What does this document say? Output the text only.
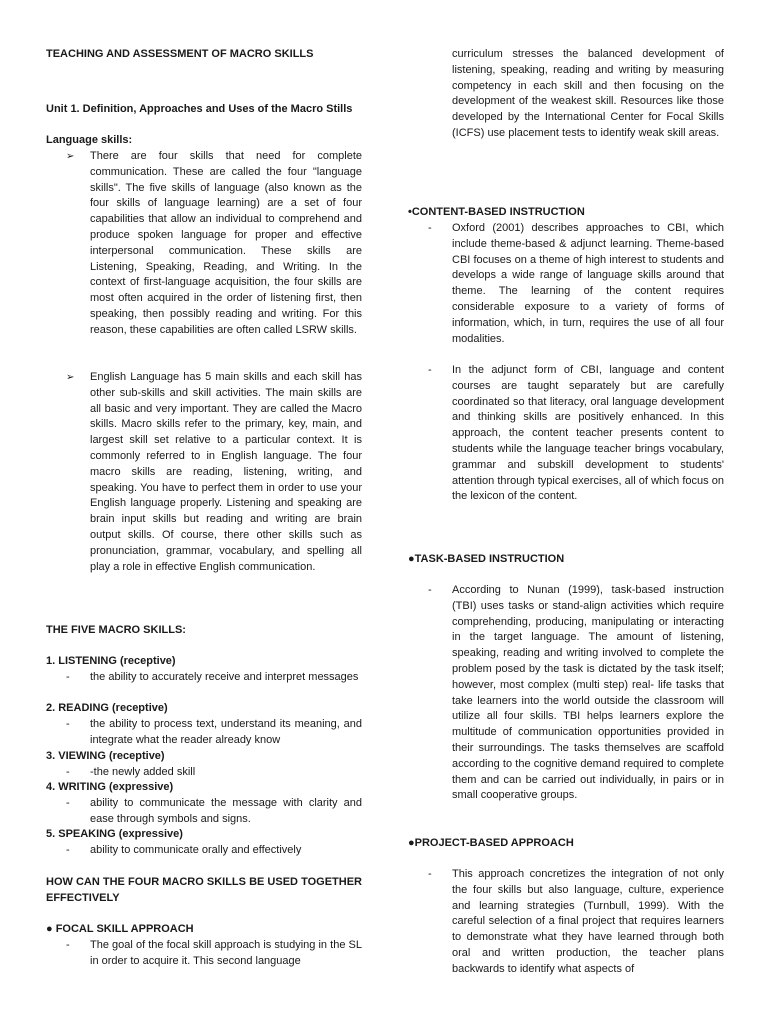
TEACHING AND ASSESSMENT OF MACRO SKILLS

Unit 1. Definition, Approaches and Uses of the Macro Stills

Language skills:

➢	There are four skills that need for complete communication. These are called the four "language skills". The five skills of language (also known as the four skills of language learning) are a set of four capabilities that allow an individual to comprehend and produce spoken language for proper and effective interpersonal communication. These skills are Listening, Speaking, Reading, and Writing. In the context of first-language acquisition, the four skills are most often acquired in the order of listening first, then speaking, then possibly reading and writing. For this reason, these capabilities are often called LSRW skills.

➢	English Language has 5 main skills and each skill has other sub-skills and skill activities. The main skills are all basic and very important. They are called the Macro skills. Macro skills refer to the primary, key, main, and largest skill set relative to a particular context. It is commonly referred to in English language. The four macro skills are reading, listening, writing, and speaking. You have to perfect them in order to use your English language properly. Listening and speaking are brain input skills but reading and writing are brain output skills. Of course, there other skills such as pronunciation, grammar, vocabulary, and spelling all play a role in effective English communication.

THE FIVE MACRO SKILLS:

1. LISTENING (receptive)

-	the ability to accurately receive and interpret messages

2. READING (receptive)

-	the ability to process text, understand its meaning, and integrate what the reader already know

3. VIEWING (receptive)

-	-the newly added skill

4. WRITING (expressive)

-	ability to communicate the message with clarity and ease through symbols and signs.

5. SPEAKING (expressive)

-	ability to communicate orally and effectively

HOW CAN THE FOUR MACRO SKILLS BE USED TOGETHER EFFECTIVELY

● FOCAL SKILL APPROACH

-	The goal of the focal skill approach is studying in the SL in order to acquire it. This second language

curriculum stresses the balanced development of listening, speaking, reading and writing by measuring competency in each skill and then focusing on the development of the weakest skill. Resources like those developed by the International Center for Focal Skills (ICFS) use placement tests to identify weak skill areas.

•CONTENT-BASED INSTRUCTION

-	Oxford (2001) describes approaches to CBI, which include theme-based & adjunct learning. Theme-based CBI focuses on a theme of high interest to students and develops a wide range of language skills around that theme. The learning of the content requires considerable exposure to a variety of forms of information, which, in turn, requires the use of all four modalities.

-	In the adjunct form of CBI, language and content courses are taught separately but are carefully coordinated so that literacy, oral language development and thinking skills are positively enhanced. In this approach, the content teacher presents content to students while the language teacher brings vocabulary, grammar and subskill development to students' attention through typical exercises, all of which focus on the lexicon of the content.

●TASK-BASED INSTRUCTION

-	According to Nunan (1999), task-based instruction (TBI) uses tasks or stand-align activities which require comprehending, producing, manipulating or interacting in the target language. The amount of listening, speaking, reading and writing involved to complete the problem posed by the task is dictated by the task itself; however, most complex (multi step) real- life tasks that take learners into the world outside the classroom will utilize all four skills. TBI helps learners explore the multitude of communication opportunities provided in their surroundings. The tasks themselves are scaffold according to the cognitive demand required to complete them and can be carried out individually, in pairs or in small cooperative groups.

●PROJECT-BASED APPROACH

-	This approach concretizes the integration of not only the four skills but also language, culture, experience and learning strategies (Turnbull, 1999). With the careful selection of a final project that requires learners to demonstrate what they have learned through both oral and written production, the teacher plans backwards to identify what aspects of
